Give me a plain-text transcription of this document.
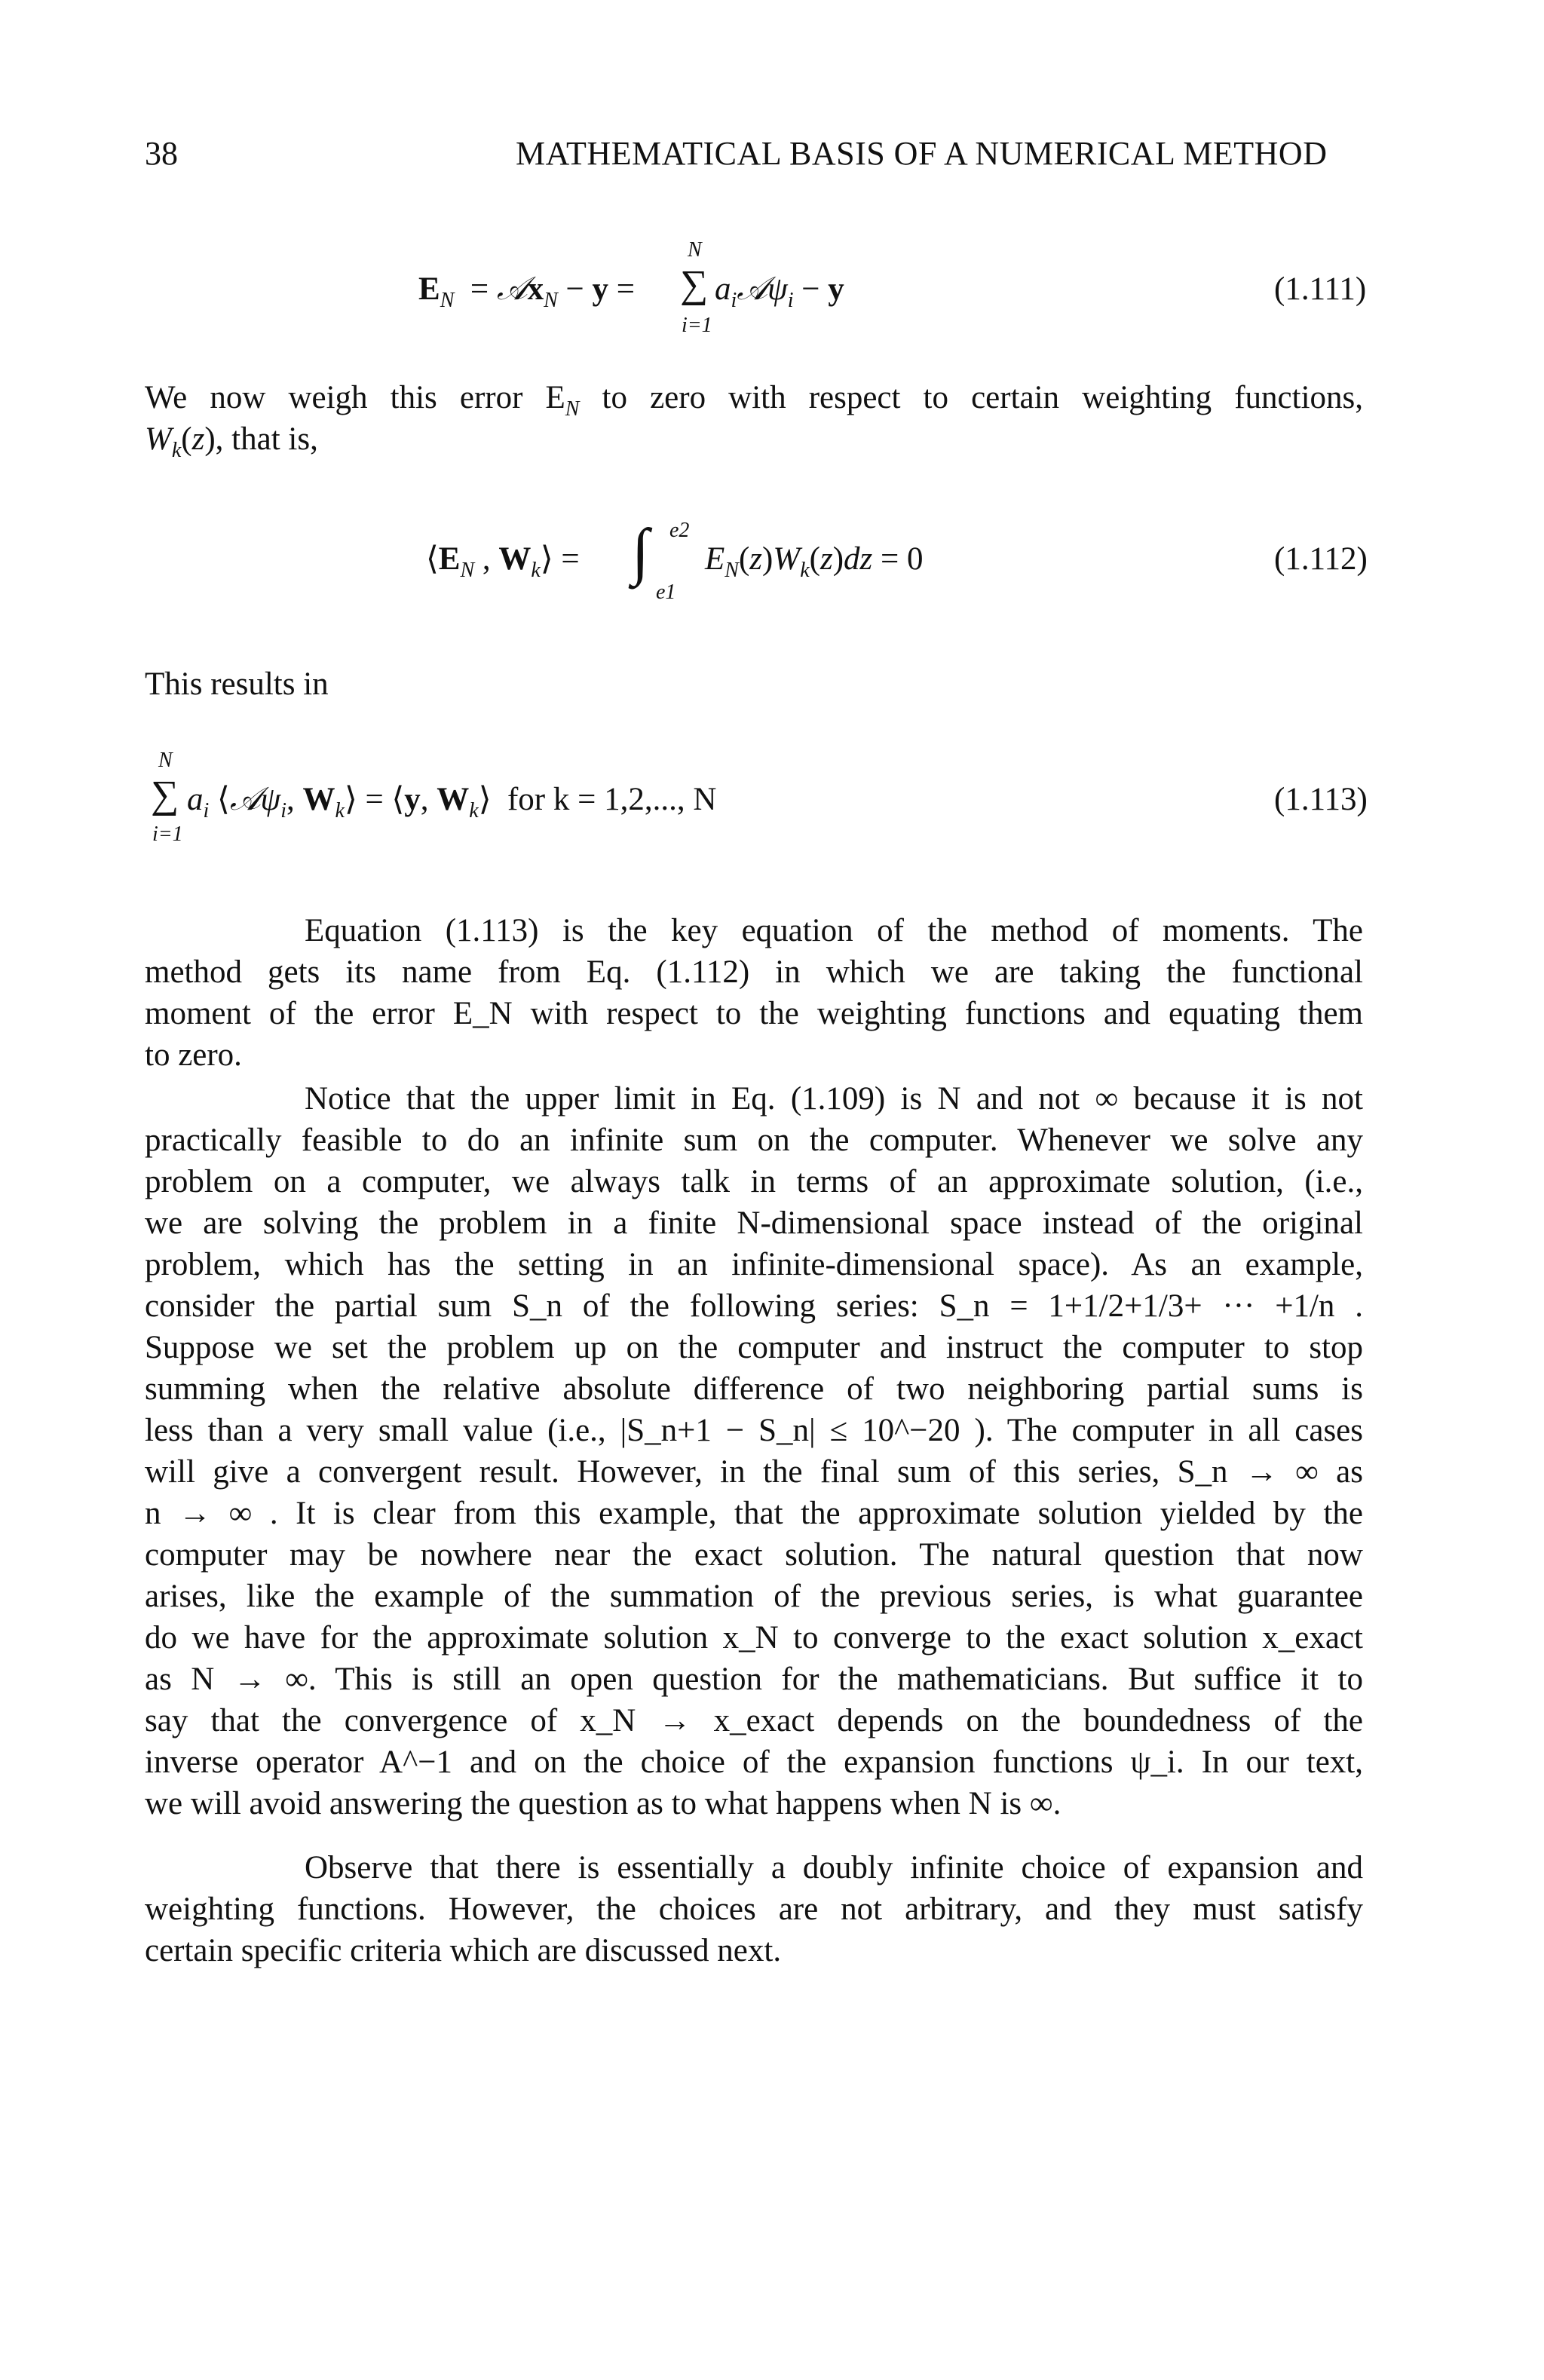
38	MATHEMATICAL BASIS OF A NUMERICAL METHOD
$E_N$  = 𝒜x$_N$ − y =
N
∑
i=1
$a_i𝒜\psi_i - y$	(1.111)
We now weigh this error $E_N$ to zero with respect to certain weighting functions,
$W_k(z)$, that is,
$⟨E_N$ , $W_k⟩$ = ∫ e2
e1
$E_N(z)W_k(z)dz = 0$	(1.112)
This results in
N
∑
i=1
$a_i$ ⟨𝒜ψ$_i$, $W_k⟩$ = ⟨y, $W_k⟩$  for k = 1,2,..., N	(1.113)
Equation (1.113) is the key equation of the method of moments. The
method gets its name from Eq. (1.112) in which we are taking the functional
moment of the error E_N with respect to the weighting functions and equating them
to zero.
Notice that the upper limit in Eq. (1.109) is N and not ∞ because it is not
practically feasible to do an infinite sum on the computer. Whenever we solve any
problem on a computer, we always talk in terms of an approximate solution, (i.e.,
we are solving the problem in a finite N-dimensional space instead of the original
problem, which has the setting in an infinite-dimensional space). As an example,
consider the partial sum S_n of the following series: S_n = 1+1/2+1/3+ ··· +1/n .
Suppose we set the problem up on the computer and instruct the computer to stop
summing when the relative absolute difference of two neighboring partial sums is
less than a very small value (i.e., |S_n+1 − S_n| ≤ 10^−20 ). The computer in all cases
will give a convergent result. However, in the final sum of this series, S_n → ∞ as
n → ∞ . It is clear from this example, that the approximate solution yielded by the
computer may be nowhere near the exact solution. The natural question that now
arises, like the example of the summation of the previous series, is what guarantee
do we have for the approximate solution x_N to converge to the exact solution x_exact
as N → ∞. This is still an open question for the mathematicians. But suffice it to
say that the convergence of x_N → x_exact depends on the boundedness of the
inverse operator A^−1 and on the choice of the expansion functions ψ_i. In our text,
we will avoid answering the question as to what happens when N is ∞.
Observe that there is essentially a doubly infinite choice of expansion and
weighting functions. However, the choices are not arbitrary, and they must satisfy
certain specific criteria which are discussed next.
